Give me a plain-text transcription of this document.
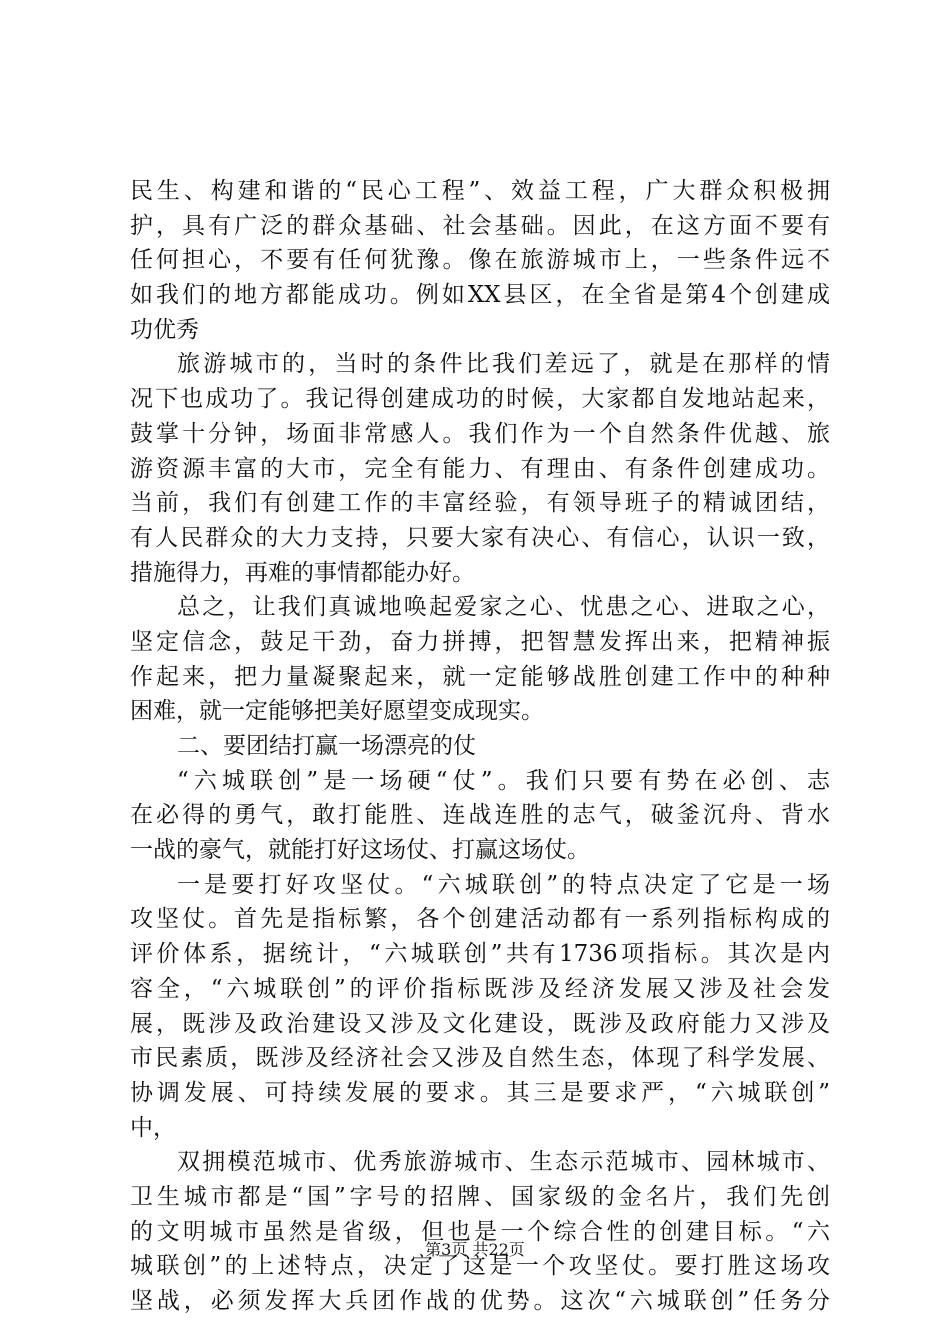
民生、构建和谐的“民心工程”、效益工程，广大群众积极拥
护，具有广泛的群众基础、社会基础。因此，在这方面不要有
任何担心，不要有任何犹豫。像在旅游城市上，一些条件远不
如我们的地方都能成功。例如XX县区，在全省是第4个创建成
功优秀
旅游城市的，当时的条件比我们差远了，就是在那样的情
况下也成功了。我记得创建成功的时候，大家都自发地站起来，
鼓掌十分钟，场面非常感人。我们作为一个自然条件优越、旅
游资源丰富的大市，完全有能力、有理由、有条件创建成功。
当前，我们有创建工作的丰富经验，有领导班子的精诚团结，
有人民群众的大力支持，只要大家有决心、有信心，认识一致，
措施得力，再难的事情都能办好。
总之，让我们真诚地唤起爱家之心、忧患之心、进取之心，
坚定信念，鼓足干劲，奋力拼搏，把智慧发挥出来，把精神振
作起来，把力量凝聚起来，就一定能够战胜创建工作中的种种
困难，就一定能够把美好愿望变成现实。
二、要团结打赢一场漂亮的仗
“六城联创”是一场硬“仗”。我们只要有势在必创、志
在必得的勇气，敢打能胜、连战连胜的志气，破釜沉舟、背水
一战的豪气，就能打好这场仗、打赢这场仗。
一是要打好攻坚仗。“六城联创”的特点决定了它是一场
攻坚仗。首先是指标繁，各个创建活动都有一系列指标构成的
评价体系，据统计，“六城联创”共有1736项指标。其次是内
容全，“六城联创”的评价指标既涉及经济发展又涉及社会发
展，既涉及政治建设又涉及文化建设，既涉及政府能力又涉及
市民素质，既涉及经济社会又涉及自然生态，体现了科学发展、
协调发展、可持续发展的要求。其三是要求严，“六城联创”
中，
双拥模范城市、优秀旅游城市、生态示范城市、园林城市、
卫生城市都是“国”字号的招牌、国家级的金名片，我们先创
的文明城市虽然是省级，但也是一个综合性的创建目标。“六
城联创”的上述特点，决定了这是一个攻坚仗。要打胜这场攻
坚战，必须发挥大兵团作战的优势。这次“六城联创”任务分
第3页 共22页
